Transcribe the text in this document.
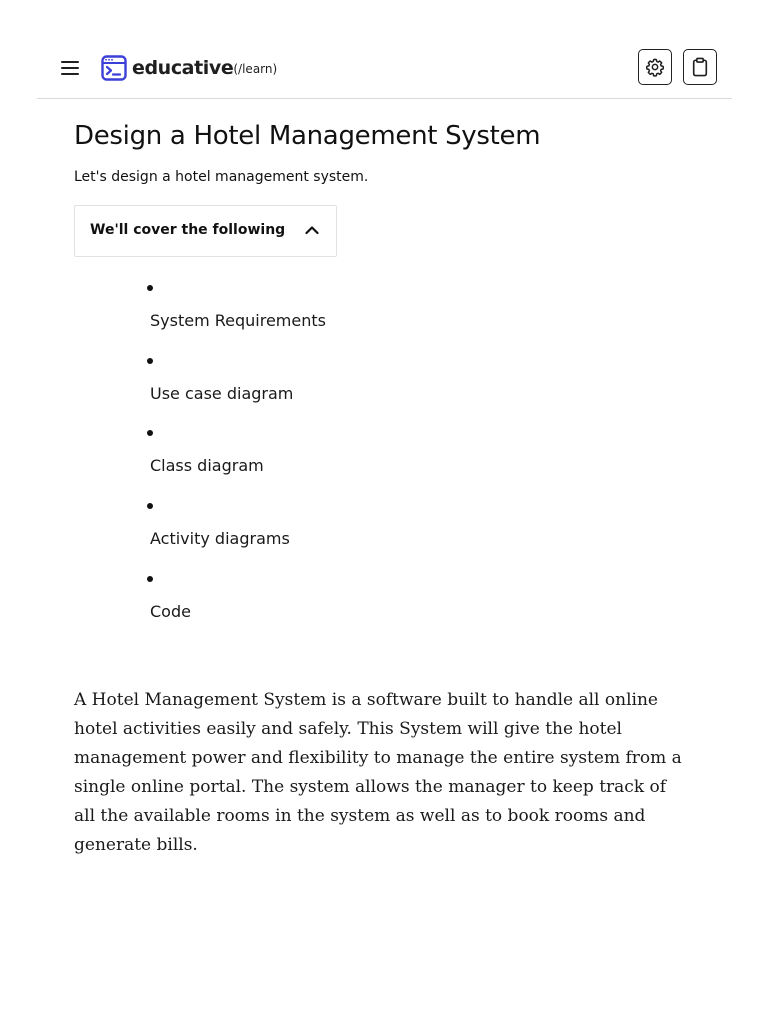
educative (/learn)
Design a Hotel Management System
Let's design a hotel management system.
We'll cover the following
System Requirements
Use case diagram
Class diagram
Activity diagrams
Code

A Hotel Management System is a software built to handle all online hotel activities easily and safely. This System will give the hotel management power and flexibility to manage the entire system from a single online portal. The system allows the manager to keep track of all the available rooms in the system as well as to book rooms and generate bills.
